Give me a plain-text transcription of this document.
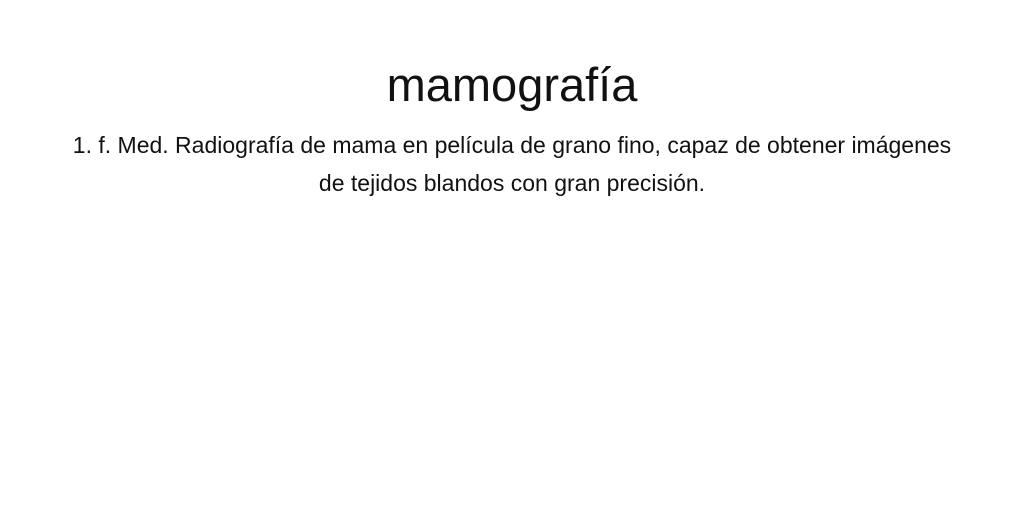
mamografía

1. f. Med. Radiografía de mama en película de grano fino, capaz de obtener imágenes de tejidos blandos con gran precisión.
